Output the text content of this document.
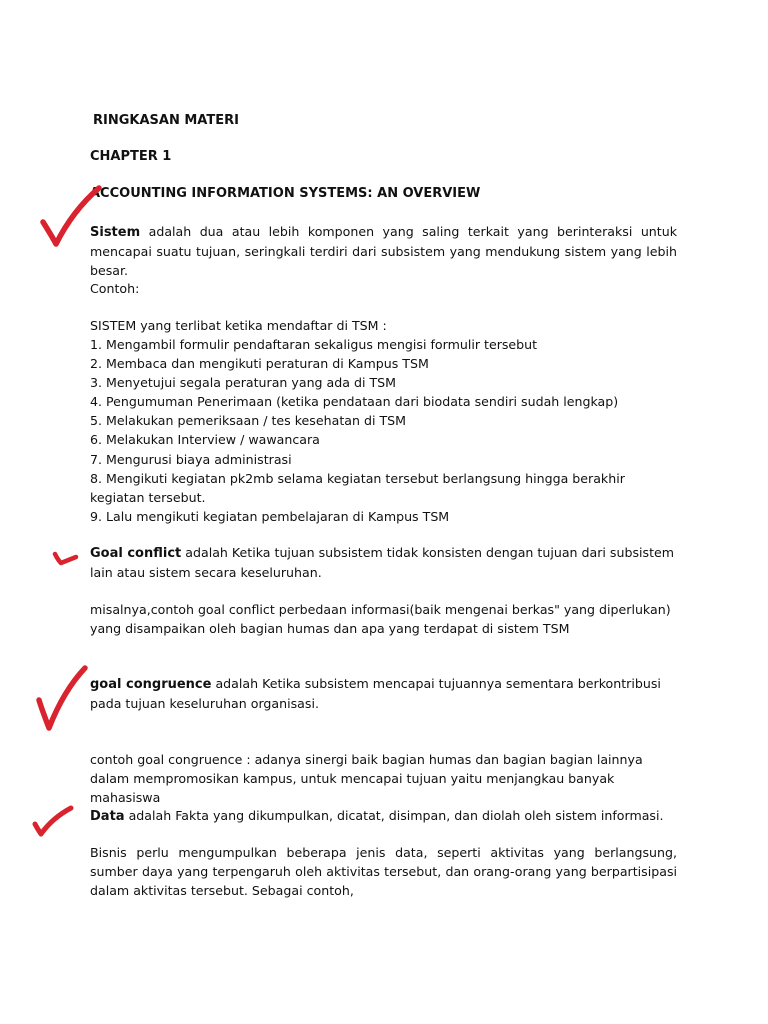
RINGKASAN MATERI
CHAPTER 1
ACCOUNTING INFORMATION SYSTEMS: AN OVERVIEW
Sistem adalah dua atau lebih komponen yang saling terkait yang berinteraksi untuk mencapai suatu tujuan, seringkali terdiri dari subsistem yang mendukung sistem yang lebih besar.
Contoh:
SISTEM yang terlibat ketika mendaftar di TSM :
1. Mengambil formulir pendaftaran sekaligus mengisi formulir tersebut
2. Membaca dan mengikuti peraturan di Kampus TSM
3. Menyetujui segala peraturan yang ada di TSM
4. Pengumuman Penerimaan (ketika pendataan dari biodata sendiri sudah lengkap)
5. Melakukan pemeriksaan / tes kesehatan di TSM
6. Melakukan Interview / wawancara
7. Mengurusi biaya administrasi
8. Mengikuti kegiatan pk2mb selama kegiatan tersebut berlangsung hingga berakhir kegiatan tersebut.
9. Lalu mengikuti kegiatan pembelajaran di Kampus TSM
Goal conflict adalah Ketika tujuan subsistem tidak konsisten dengan tujuan dari subsistem lain atau sistem secara keseluruhan.
misalnya,contoh goal conflict perbedaan informasi(baik mengenai berkas" yang diperlukan) yang disampaikan oleh bagian humas dan apa yang terdapat di sistem TSM
goal congruence adalah Ketika subsistem mencapai tujuannya sementara berkontribusi pada tujuan keseluruhan organisasi.
contoh goal congruence : adanya sinergi baik bagian humas dan bagian bagian lainnya dalam mempromosikan kampus, untuk mencapai tujuan yaitu menjangkau banyak mahasiswa
Data adalah Fakta yang dikumpulkan, dicatat, disimpan, dan diolah oleh sistem informasi.
Bisnis perlu mengumpulkan beberapa jenis data, seperti aktivitas yang berlangsung, sumber daya yang terpengaruh oleh aktivitas tersebut, dan orang-orang yang berpartisipasi dalam aktivitas tersebut. Sebagai contoh,
